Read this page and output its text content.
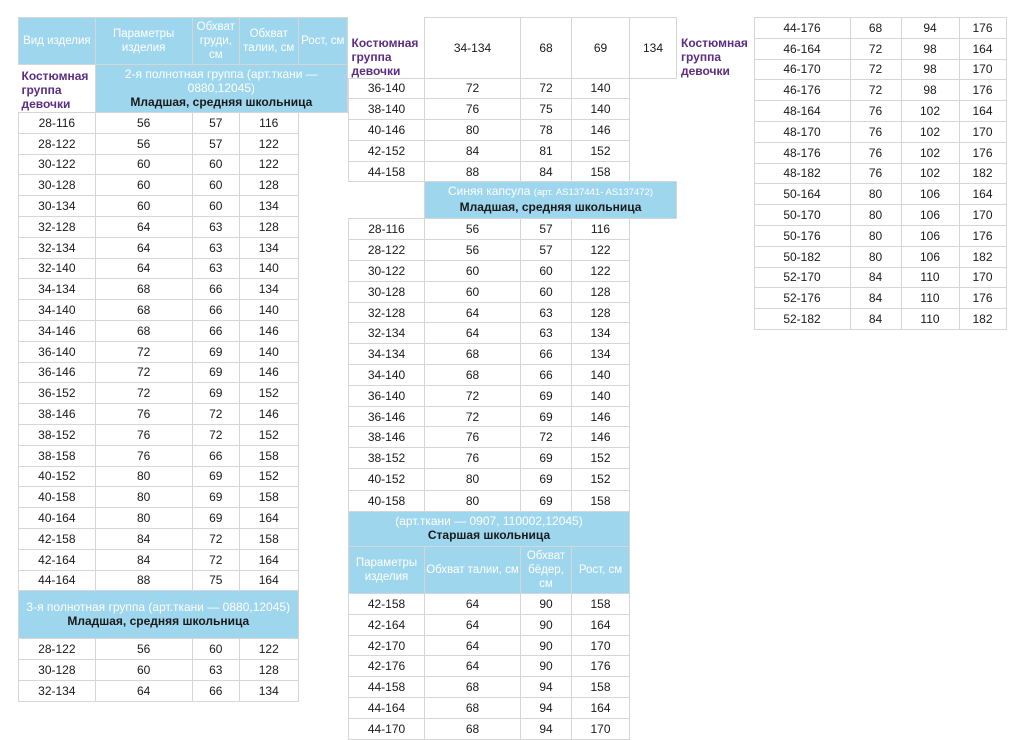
Вид изделия	Параметры изделия	Обхват груди, см	Обхват талии, см	Рост, см
Костюмная группа девочки	2-я полнотная группа (арт.ткани — 0880,12045)
Младшая, средняя школьница			

28-116	56	57	116	
28-122	56	57	122	
30-122	60	60	122	
30-128	60	60	128	
30-134	60	60	134	
32-128	64	63	128	
32-134	64	63	134	
32-140	64	63	140	
34-134	68	66	134	
34-140	68	66	140	
34-146	68	66	146	
36-140	72	69	140	
36-146	72	69	146	
36-152	72	69	152	
38-146	76	72	146	
38-152	76	72	152	
38-158	76	66	158	
40-152	80	69	152	
40-158	80	69	158	
40-164	80	69	164	
42-158	84	72	158	
42-164	84	72	164	
44-164	88	75	164	

3-я полнотная группа (арт.ткани — 0880,12045)
Младшая, средняя школьница				

28-122	56	60	122	
30-128	60	63	128	
32-134	64	66	134	
Костюмная группа девочки	34-134	68	69	134
36-140	72	72	140	
38-140	76	75	140	
40-146	80	78	146	
42-152	84	81	152	
44-158	88	84	158	

	Синяя капсула (арт. AS137441- AS137472)
Младшая, средняя школьница			

28-116	56	57	116	
28-122	56	57	122	
30-122	60	60	122	
30-128	60	60	128	
32-128	64	63	128	
32-134	64	63	134	
34-134	68	66	134	
34-140	68	66	140	
36-140	72	69	140	
36-146	72	69	146	
38-146	76	72	146	
38-152	76	69	152	
40-152	80	69	152	
40-158	80	69	158	

(арт.ткани — 0907, 110002,12045)
Старшая школьница				

Параметры изделия	Обхват талии, см	Обхват бёдер, см	Рост, см	
42-158	64	90	158	
42-164	64	90	164	
42-170	64	90	170	
42-176	64	90	176	
44-158	68	94	158	
44-164	68	94	164	
44-170	68	94	170	
Костюмная группа девочки	44-176	68	94	176
	46-164	72	98	164
	46-170	72	98	170
	46-176	72	98	176
	48-164	76	102	164
	48-170	76	102	170
	48-176	76	102	176
	48-182	76	102	182
	50-164	80	106	164
	50-170	80	106	170
	50-176	80	106	176
	50-182	80	106	182
	52-170	84	110	170
	52-176	84	110	176
	52-182	84	110	182
